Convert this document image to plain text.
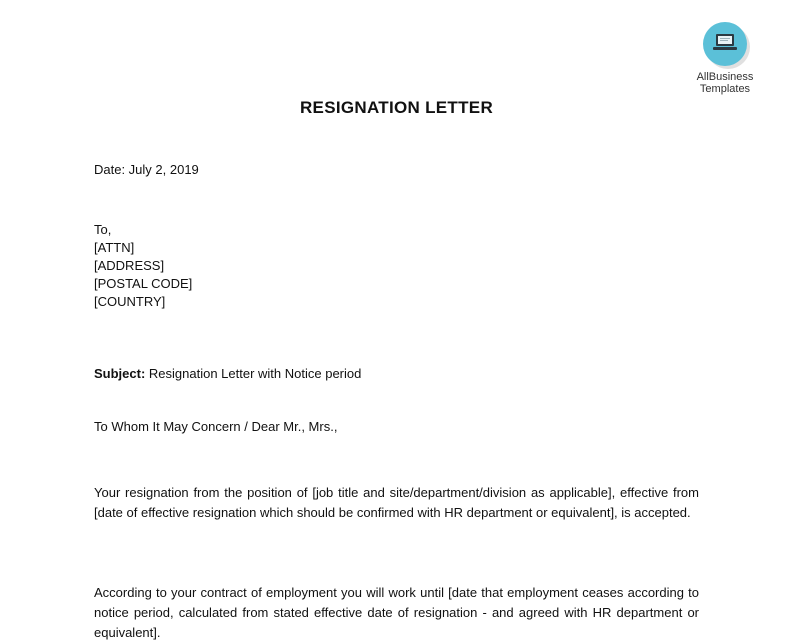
AllBusiness
Templates
RESIGNATION LETTER
Date: July 2, 2019
To,
[ATTN]
[ADDRESS]
[POSTAL CODE]
[COUNTRY]
Subject: Resignation Letter with Notice period
To Whom It May Concern / Dear Mr., Mrs.,
Your resignation from the position of [job title and site/department/division as applicable], effective from [date of effective resignation which should be confirmed with HR department or equivalent], is accepted.
According to your contract of employment you will work until [date that employment ceases according to notice period, calculated from stated effective date of resignation - and agreed with HR department or equivalent].
